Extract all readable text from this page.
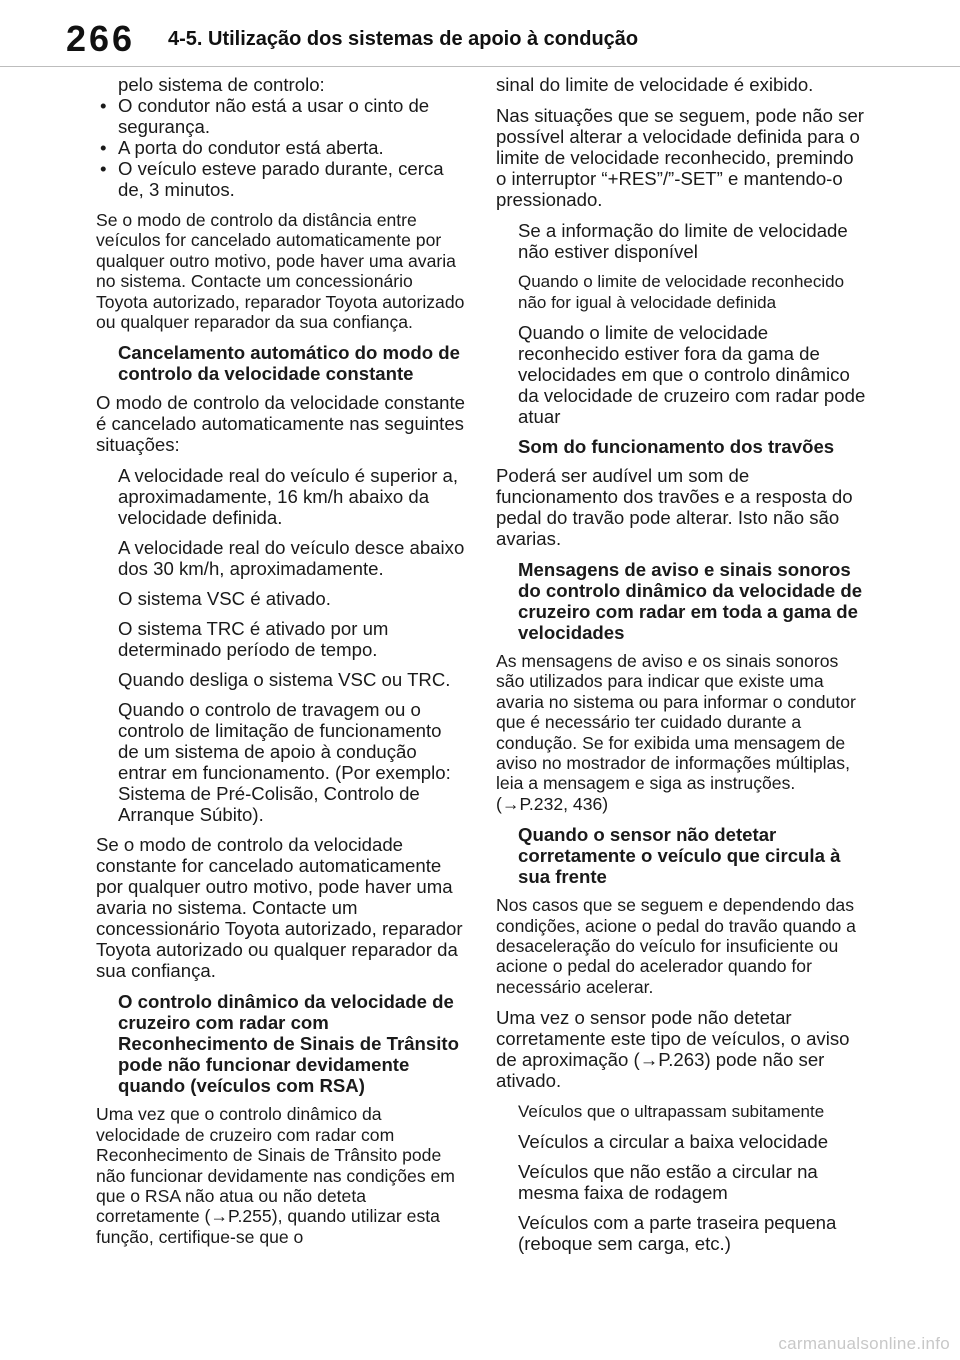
266 4-5. Utilização dos sistemas de apoio à condução

pelo sistema de controlo:

• O condutor não está a usar o cinto de segurança.
• A porta do condutor está aberta.
• O veículo esteve parado durante, cerca de, 3 minutos.

Se o modo de controlo da distância entre veículos for cancelado automaticamente por qualquer outro motivo, pode haver uma avaria no sistema. Contacte um concessionário Toyota autorizado, reparador Toyota autorizado ou qualquer reparador da sua confiança.

Cancelamento automático do modo de controlo da velocidade constante

O modo de controlo da velocidade constante é cancelado automaticamente nas seguintes situações:

A velocidade real do veículo é superior a, aproximadamente, 16 km/h abaixo da velocidade definida.
A velocidade real do veículo desce abaixo dos 30 km/h, aproximadamente.
O sistema VSC é ativado.
O sistema TRC é ativado por um determinado período de tempo.
Quando desliga o sistema VSC ou TRC.
Quando o controlo de travagem ou o controlo de limitação de funcionamento de um sistema de apoio à condução entrar em funcionamento. (Por exemplo: Sistema de Pré-Colisão, Controlo de Arranque Súbito).

Se o modo de controlo da velocidade constante for cancelado automaticamente por qualquer outro motivo, pode haver uma avaria no sistema. Contacte um concessionário Toyota autorizado, reparador Toyota autorizado ou qualquer reparador da sua confiança.

O controlo dinâmico da velocidade de cruzeiro com radar com Reconhecimento de Sinais de Trânsito pode não funcionar devidamente quando (veículos com RSA)

Uma vez que o controlo dinâmico da velocidade de cruzeiro com radar com Reconhecimento de Sinais de Trânsito pode não funcionar devidamente nas condições em que o RSA não atua ou não deteta corretamente (→P.255), quando utilizar esta função, certifique-se que o

sinal do limite de velocidade é exibido.

Nas situações que se seguem, pode não ser possível alterar a velocidade definida para o limite de velocidade reconhecido, premindo o interruptor “+RES”/”-SET” e mantendo-o pressionado.

Se a informação do limite de velocidade não estiver disponível
Quando o limite de velocidade reconhecido não for igual à velocidade definida
Quando o limite de velocidade reconhecido estiver fora da gama de velocidades em que o controlo dinâmico da velocidade de cruzeiro com radar pode atuar
Som do funcionamento dos travões

Poderá ser audível um som de funcionamento dos travões e a resposta do pedal do travão pode alterar. Isto não são avarias.

Mensagens de aviso e sinais sonoros do controlo dinâmico da velocidade de cruzeiro com radar em toda a gama de velocidades

As mensagens de aviso e os sinais sonoros são utilizados para indicar que existe uma avaria no sistema ou para informar o condutor que é necessário ter cuidado durante a condução. Se for exibida uma mensagem de aviso no mostrador de informações múltiplas, leia a mensagem e siga as instruções. (→P.232, 436)

Quando o sensor não detetar corretamente o veículo que circula à sua frente

Nos casos que se seguem e dependendo das condições, acione o pedal do travão quando a desaceleração do veículo for insuficiente ou acione o pedal do acelerador quando for necessário acelerar.

Uma vez o sensor pode não detetar corretamente este tipo de veículos, o aviso de aproximação (→P.263) pode não ser ativado.

Veículos que o ultrapassam subitamente
Veículos a circular a baixa velocidade
Veículos que não estão a circular na mesma faixa de rodagem
Veículos com a parte traseira pequena (reboque sem carga, etc.)
carmanualsonline.info
